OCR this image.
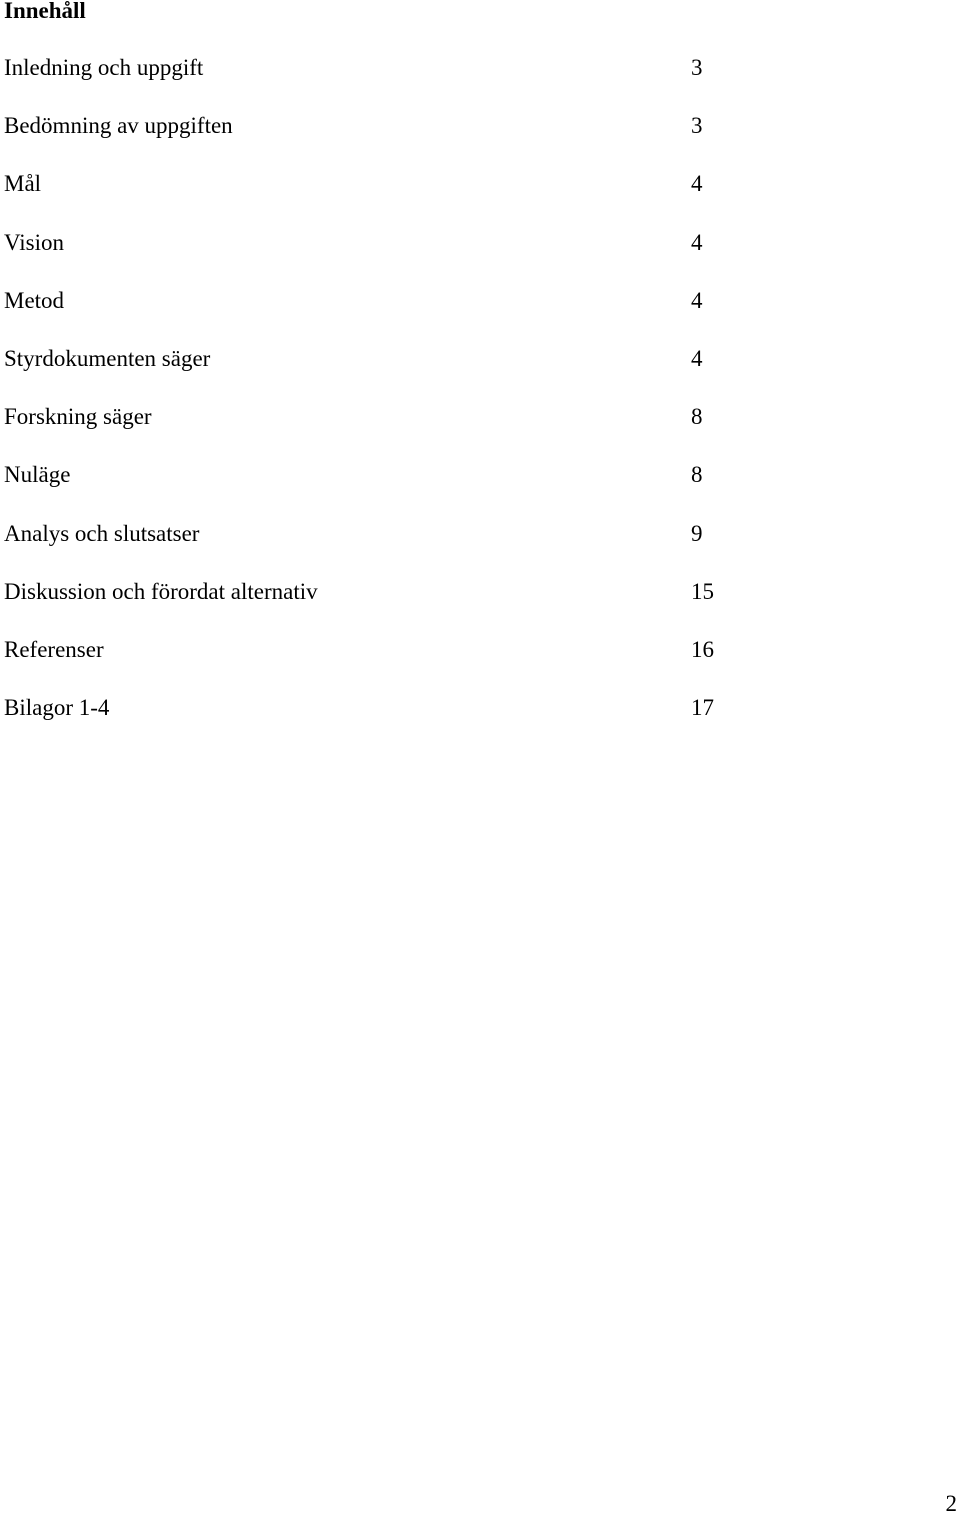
Innehåll
Inledning och uppgift	3
Bedömning av uppgiften	3
Mål	4
Vision	4
Metod	4
Styrdokumenten säger	4
Forskning säger	8
Nuläge	8
Analys och slutsatser	9
Diskussion och förordat alternativ	15
Referenser	16
Bilagor 1-4	17
2
